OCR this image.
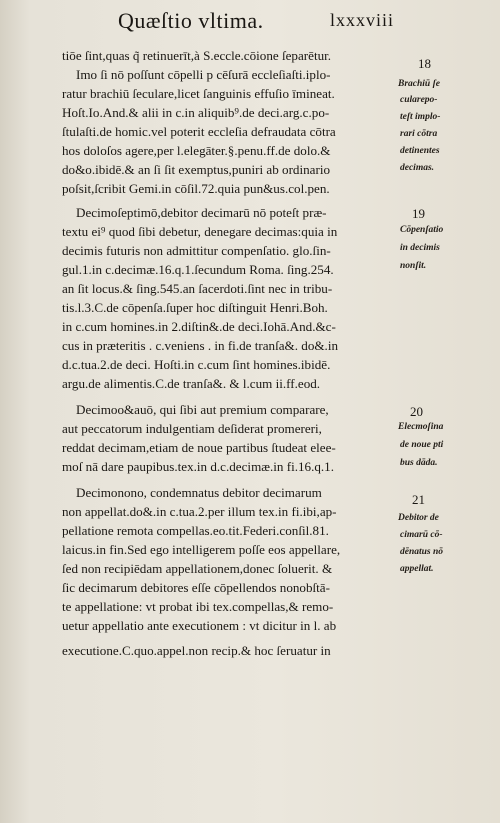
Quæſtio vltima.	lxxxviii
tiōe ſint,quas q̃ retinuerīt,à S.eccle.cōione ſeparētur.
Imo ſi nō poſſunt cōpelli p cēſurā eccleſiaſti.iplo-
ratur brachiū ſeculare,licet ſanguinis effuſio īmineat.
Hoſt.Io.And.& alii in c.in aliquib⁹.de deci.arg.c.po-
ſtulaſti.de homic.vel poterit eccleſia defraudata cōtra
hos doloſos agere,per l.elegāter.§.penu.ff.de dolo.&
do&o.ibidē.& an ſi ſit exemptus,puniri ab ordinario
poſsit,ſcribit Gemi.in cōſil.72.quia pun&us.col.pen.
Decimoſeptimō,debitor decimarū nō poteſt præ-
textu ei⁹ quod ſibi debetur, denegare decimas:quia in
decimis futuris non admittitur compenſatio. glo.ſin-
gul.1.in c.decimæ.16.q.1.ſecundum Roma. ſing.254.
an ſit locus.& ſing.545.an ſacerdoti.ſint nec in tribu-
tis.l.3.C.de cōpenſa.ſuper hoc diſtinguit Henri.Boh.
in c.cum homines.in 2.diſtin&.de deci.Iohā.And.&c-
cus in præteritis . c.veniens . in fi.de tranſa&. do&.in
d.c.tua.2.de deci. Hoſti.in c.cum ſint homines.ibidē.
argu.de alimentis.C.de tranſa&. & l.cum ii.ff.eod.
Decimoo&auō, qui ſibi aut premium comparare,
aut peccatorum indulgentiam deſiderat promereri,
reddat decimam,etiam de noue partibus ſtudeat elee-
moſ nā dare paupibus.tex.in d.c.decimæ.in fi.16.q.1.
Decimonono, condemnatus debitor decimarum
non appellat.do&.in c.tua.2.per illum tex.in fi.ibi,ap-
pellatione remota compellas.eo.tit.Federi.conſil.81.
laicus.in fin.Sed ego intelligerem poſſe eos appellare,
ſed non recipiēdam appellationem,donec ſoluerit. &
ſic decimarum debitores eſſe cōpellendos nonobſtā-
te appellatione: vt probat ibi tex.compellas,& remo-
uetur appellatio ante executionem : vt dicitur in l. ab
executione.C.quo.appel.non recip.& hoc ſeruatur in
18
19
20
21
Brachiū ſe
cularepo-
teſt implo-
rari cōtra
detinentes
decimas.
Cōpenſatio
in decimis
nonſit.
Elecmoſina
de noue pti
bus dāda.
Debitor de
cimarū cō-
dēnatus nō
appellat.
